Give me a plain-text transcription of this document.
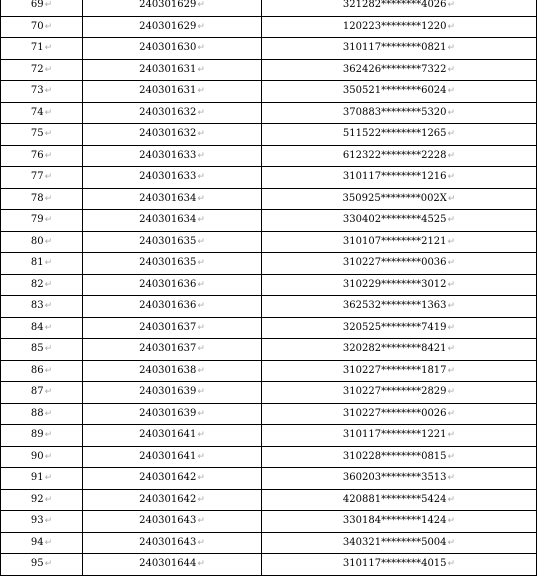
69↵	240301629↵	321282********4026↵
70↵	240301629↵	120223********1220↵
71↵	240301630↵	310117********0821↵
72↵	240301631↵	362426********7322↵
73↵	240301631↵	350521********6024↵
74↵	240301632↵	370883********5320↵
75↵	240301632↵	511522********1265↵
76↵	240301633↵	612322********2228↵
77↵	240301633↵	310117********1216↵
78↵	240301634↵	350925********002X↵
79↵	240301634↵	330402********4525↵
80↵	240301635↵	310107********2121↵
81↵	240301635↵	310227********0036↵
82↵	240301636↵	310229********3012↵
83↵	240301636↵	362532********1363↵
84↵	240301637↵	320525********7419↵
85↵	240301637↵	320282********8421↵
86↵	240301638↵	310227********1817↵
87↵	240301639↵	310227********2829↵
88↵	240301639↵	310227********0026↵
89↵	240301641↵	310117********1221↵
90↵	240301641↵	310228********0815↵
91↵	240301642↵	360203********3513↵
92↵	240301642↵	420881********5424↵
93↵	240301643↵	330184********1424↵
94↵	240301643↵	340321********5004↵
95↵	240301644↵	310117********4015↵
